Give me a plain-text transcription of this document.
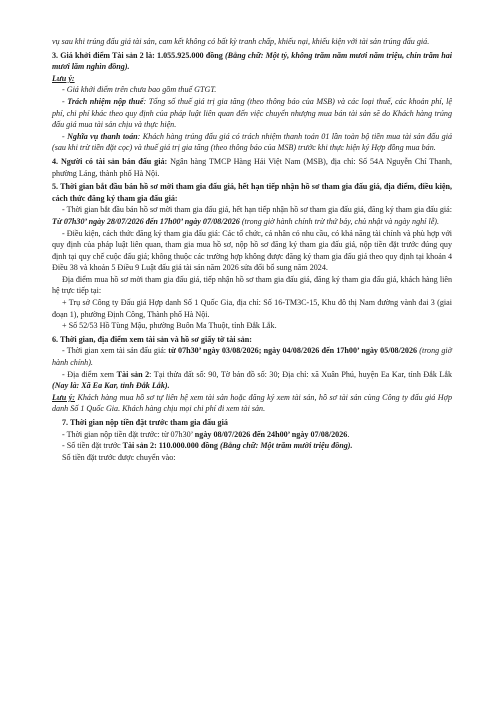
vụ sau khi trúng đấu giá tài sản, cam kết không có bất kỳ tranh chấp, khiếu nại, khiếu kiện với tài sản trúng đấu giá.

3. Giá khởi điểm Tài sản 2 là: 1.055.925.000 đồng (Bằng chữ: Một tỷ, không trăm năm mươi năm triệu, chín trăm hai mươi lăm nghìn đồng).

Lưu ý:

- Giá khởi điểm trên chưa bao gồm thuế GTGT.

- Trách nhiệm nộp thuế: Tổng số thuế giá trị gia tăng (theo thông báo của MSB) và các loại thuế, các khoản phí, lệ phí, chi phí khác theo quy định của pháp luật liên quan đến việc chuyển nhượng mua bán tài sản sẽ do Khách hàng trúng đấu giá mua tài sản chịu và thực hiện.

- Nghĩa vụ thanh toán: Khách hàng trúng đấu giá có trách nhiệm thanh toán 01 lần toàn bộ tiền mua tài sản đấu giá (sau khi trừ tiền đặt cọc) và thuế giá trị gia tăng (theo thông báo của MSB) trước khi thực hiện ký Hợp đồng mua bán.

4. Người có tài sản bán đấu giá: Ngân hàng TMCP Hàng Hải Việt Nam (MSB), địa chỉ: Số 54A Nguyễn Chí Thanh, phường Láng, thành phố Hà Nội.

5. Thời gian bắt đầu bán hồ sơ mời tham gia đấu giá, hết hạn tiếp nhận hồ sơ tham gia đấu giá, địa điểm, điều kiện, cách thức đăng ký tham gia đấu giá:

- Thời gian bắt đầu bán hồ sơ mời tham gia đấu giá, hết hạn tiếp nhận hồ sơ tham gia đấu giá, đăng ký tham gia đấu giá: Từ 07h30’ ngày 28/07/2026 đến 17h00’ ngày 07/08/2026 (trong giờ hành chính trừ thứ bảy, chủ nhật và ngày nghỉ lễ).

- Điều kiện, cách thức đăng ký tham gia đấu giá: Các tổ chức, cá nhân có nhu cầu, có khả năng tài chính và phù hợp với quy định của pháp luật liên quan, tham gia mua hồ sơ, nộp hồ sơ đăng ký tham gia đấu giá, nộp tiền đặt trước đúng quy định tại quy chế cuộc đấu giá; không thuộc các trường hợp không được đăng ký tham gia đấu giá theo quy định tại khoản 4 Điều 38 và khoản 5 Điều 9 Luật đấu giá tài sản năm 2026 sửa đổi bổ sung năm 2024.

Địa điểm mua hồ sơ mời tham gia đấu giá, tiếp nhận hồ sơ tham gia đấu giá, đăng ký tham gia đấu giá, khách hàng liên hệ trực tiếp tại:

+ Trụ sở Công ty Đấu giá Hợp danh Số 1 Quốc Gia, địa chỉ: Số 16-TM3C-15, Khu đô thị Nam đường vành đai 3 (giai đoạn 1), phường Định Công, Thành phố Hà Nội.

+ Số 52/53 Hồ Tùng Mậu, phường Buôn Ma Thuột, tỉnh Đắk Lắk.

6. Thời gian, địa điểm xem tài sản và hồ sơ giấy tờ tài sản:

- Thời gian xem tài sản đấu giá: từ 07h30’ ngày 03/08/2026; ngày 04/08/2026 đến 17h00’ ngày 05/08/2026 (trong giờ hành chính).

- Địa điểm xem Tài sản 2: Tại thửa đất số: 90, Tờ bản đồ số: 30; Địa chỉ: xã Xuân Phú, huyện Ea Kar, tỉnh Đắk Lắk (Nay là: Xã Ea Kar, tỉnh Đắk Lắk).

Lưu ý: Khách hàng mua hồ sơ tự liên hệ xem tài sản hoặc đăng ký xem tài sản, hồ sơ tài sản cùng Công ty đấu giá Hợp danh Số 1 Quốc Gia. Khách hàng chịu mọi chi phí đi xem tài sản.

7. Thời gian nộp tiền đặt trước tham gia đấu giá

- Thời gian nộp tiền đặt trước: từ 07h30’ ngày 08/07/2026 đến 24h00’ ngày 07/08/2026.

- Số tiền đặt trước Tài sản 2: 110.000.000 đồng (Bằng chữ: Một trăm mười triệu đồng).

Số tiền đặt trước được chuyển vào:
